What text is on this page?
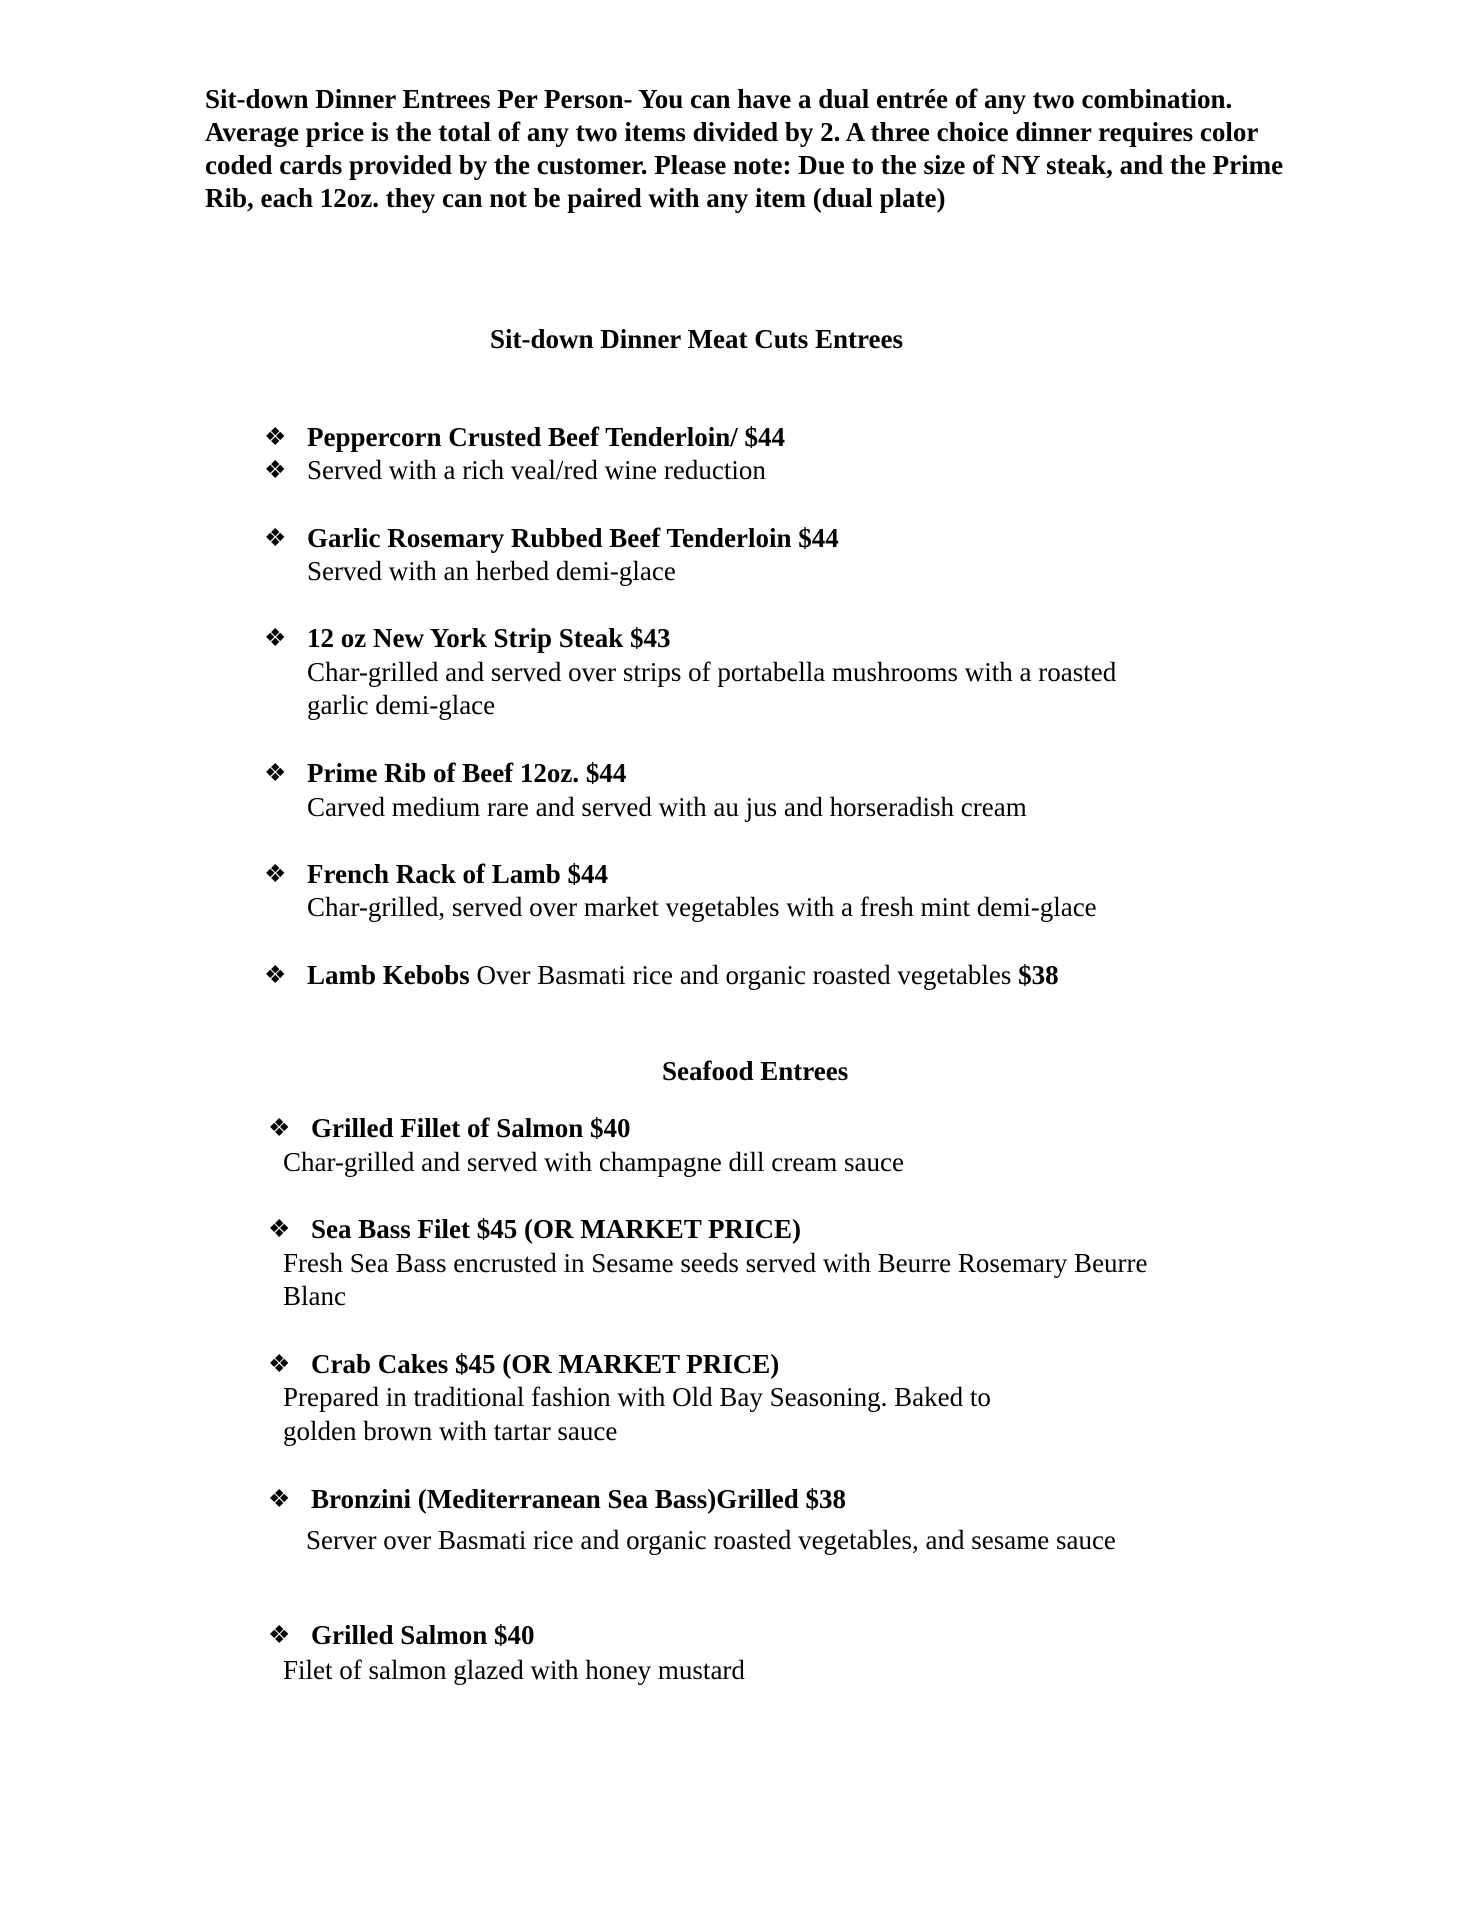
Sit-down Dinner Entrees Per Person- You can have a dual entrée of any two combination. Average price is the total of any two items divided by 2. A three choice dinner requires color coded cards provided by the customer. Please note: Due to the size of NY steak, and the Prime Rib, each 12oz. they can not be paired with any item (dual plate)
Sit-down Dinner Meat Cuts Entrees
❖ Peppercorn Crusted Beef Tenderloin/ $44
❖ Served with a rich veal/red wine reduction
❖ Garlic Rosemary Rubbed Beef Tenderloin $44
Served with an herbed demi-glace
❖ 12 oz New York Strip Steak $43
Char-grilled and served over strips of portabella mushrooms with a roasted
garlic demi-glace
❖ Prime Rib of Beef 12oz. $44
Carved medium rare and served with au jus and horseradish cream
❖ French Rack of Lamb $44
Char-grilled, served over market vegetables with a fresh mint demi-glace
❖ Lamb Kebobs Over Basmati rice and organic roasted vegetables $38
Seafood Entrees
❖ Grilled Fillet of Salmon $40
Char-grilled and served with champagne dill cream sauce
❖ Sea Bass Filet $45 (OR MARKET PRICE)
Fresh Sea Bass encrusted in Sesame seeds served with Beurre Rosemary Beurre
Blanc
❖ Crab Cakes $45 (OR MARKET PRICE)
Prepared in traditional fashion with Old Bay Seasoning. Baked to
golden brown with tartar sauce
❖ Bronzini (Mediterranean Sea Bass)Grilled $38
Server over Basmati rice and organic roasted vegetables, and sesame sauce
❖ Grilled Salmon $40
Filet of salmon glazed with honey mustard
